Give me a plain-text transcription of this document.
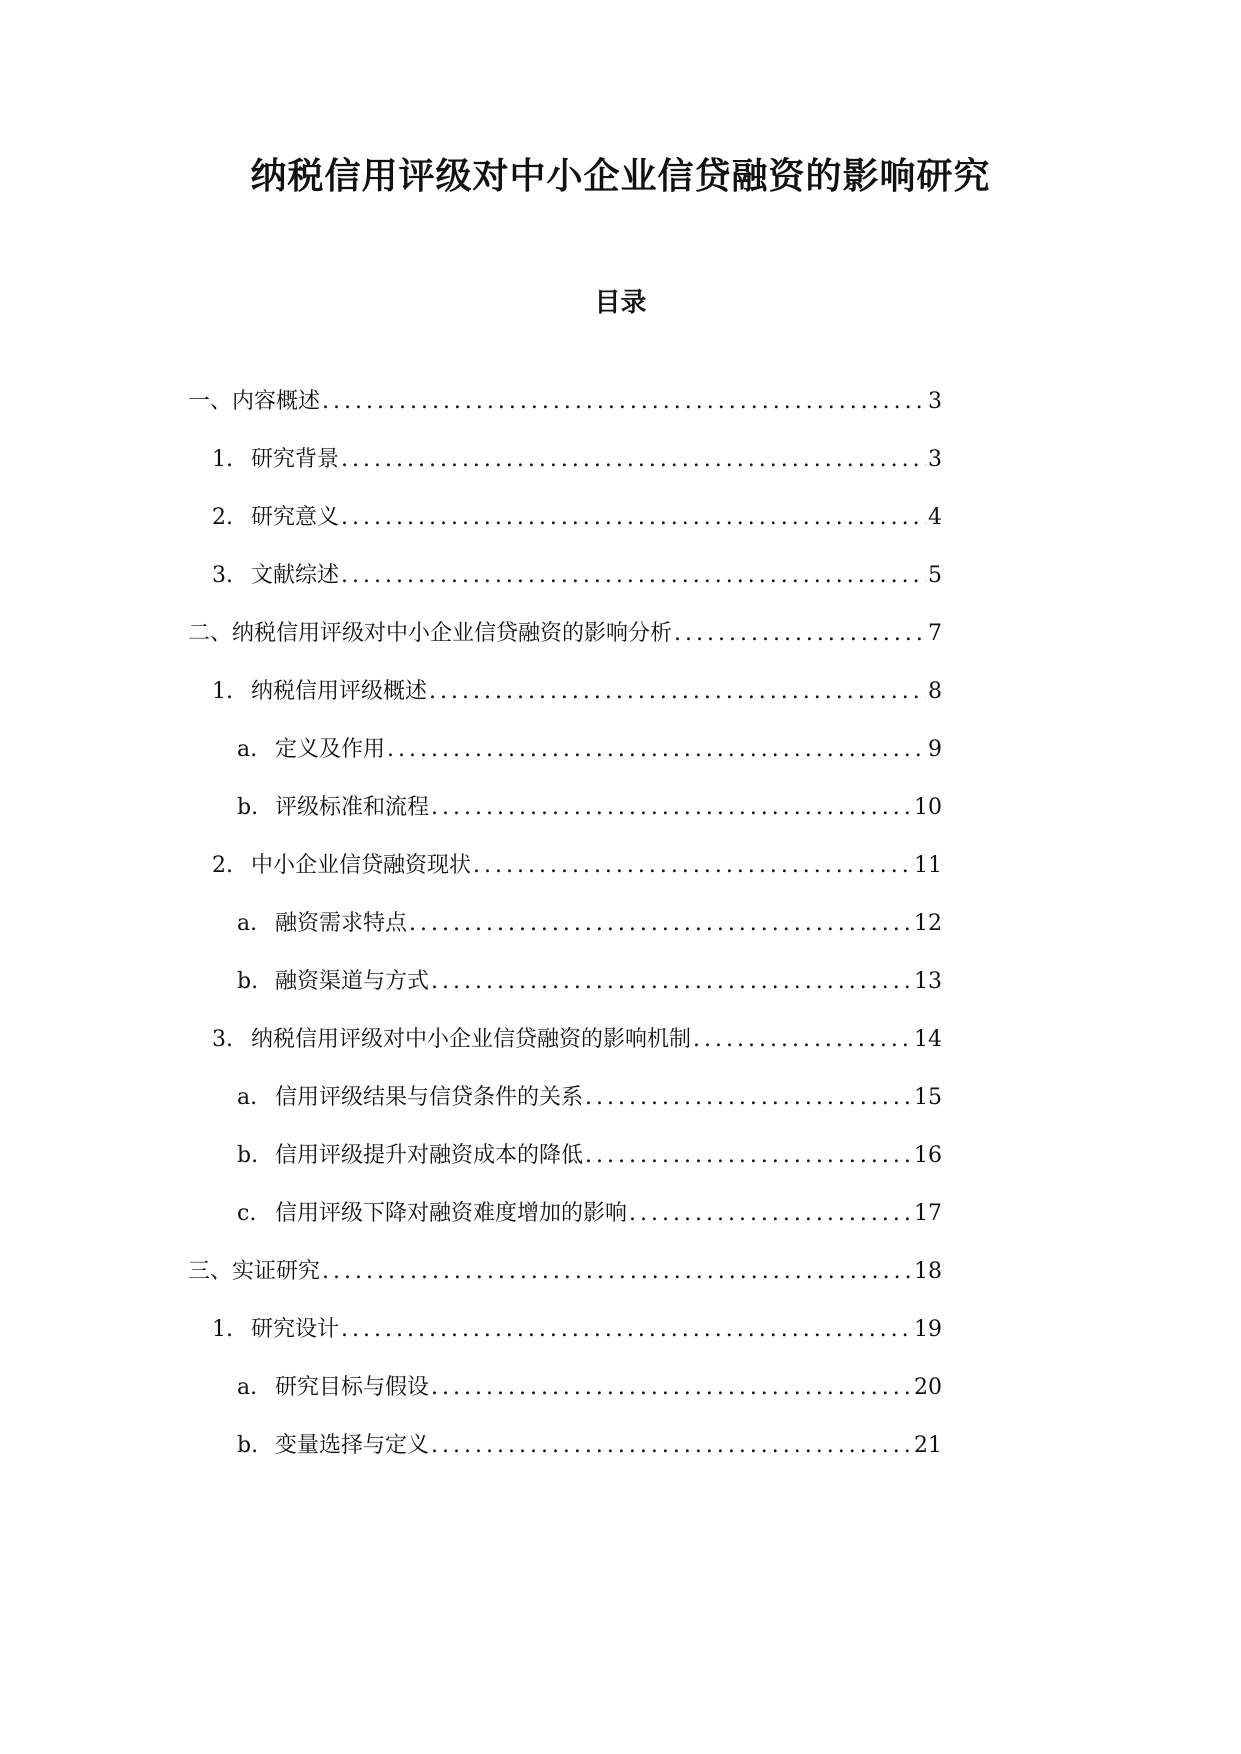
纳税信用评级对中小企业信贷融资的影响研究
目录
一、内容概述 .....	3
1. 研究背景 .....	3
2. 研究意义 .....	4
3. 文献综述 .....	5
二、纳税信用评级对中小企业信贷融资的影响分析 .....	7
1. 纳税信用评级概述 .....	8
a. 定义及作用 .....	9
b. 评级标准和流程 .....	10
2. 中小企业信贷融资现状 .....	11
a. 融资需求特点 .....	12
b. 融资渠道与方式 .....	13
3. 纳税信用评级对中小企业信贷融资的影响机制 .....	14
a. 信用评级结果与信贷条件的关系 .....	15
b. 信用评级提升对融资成本的降低 .....	16
c. 信用评级下降对融资难度增加的影响 .....	17
三、实证研究 .....	18
1. 研究设计 .....	19
a. 研究目标与假设 .....	20
b. 变量选择与定义 .....	21
